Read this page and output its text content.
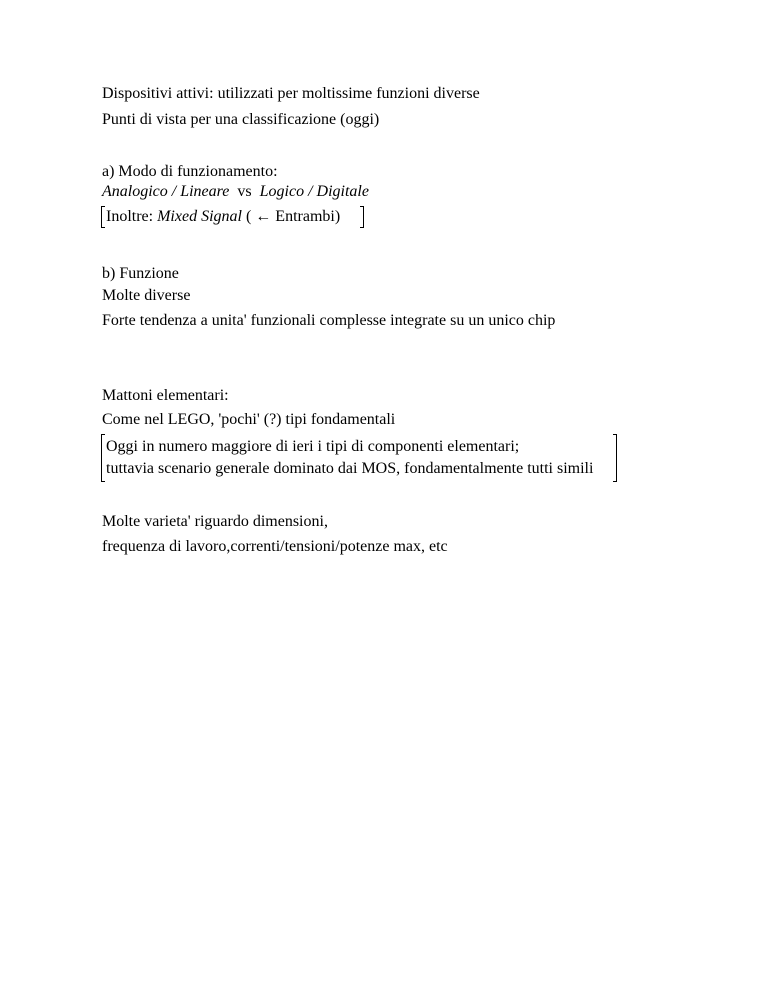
Dispositivi attivi: utilizzati per moltissime funzioni diverse
Punti di vista per una classificazione (oggi)
a) Modo di funzionamento:
Analogico / Lineare vs Logico / Digitale
Inoltre: Mixed Signal ( ← Entrambi)
b) Funzione
Molte diverse
Forte tendenza a unita' funzionali complesse integrate su un unico chip
Mattoni elementari:
Come nel LEGO, 'pochi' (?) tipi fondamentali
Oggi in numero maggiore di ieri i tipi di componenti elementari;
tuttavia scenario generale dominato dai MOS, fondamentalmente tutti simili
Molte varieta' riguardo dimensioni,
frequenza di lavoro,correnti/tensioni/potenze max, etc
